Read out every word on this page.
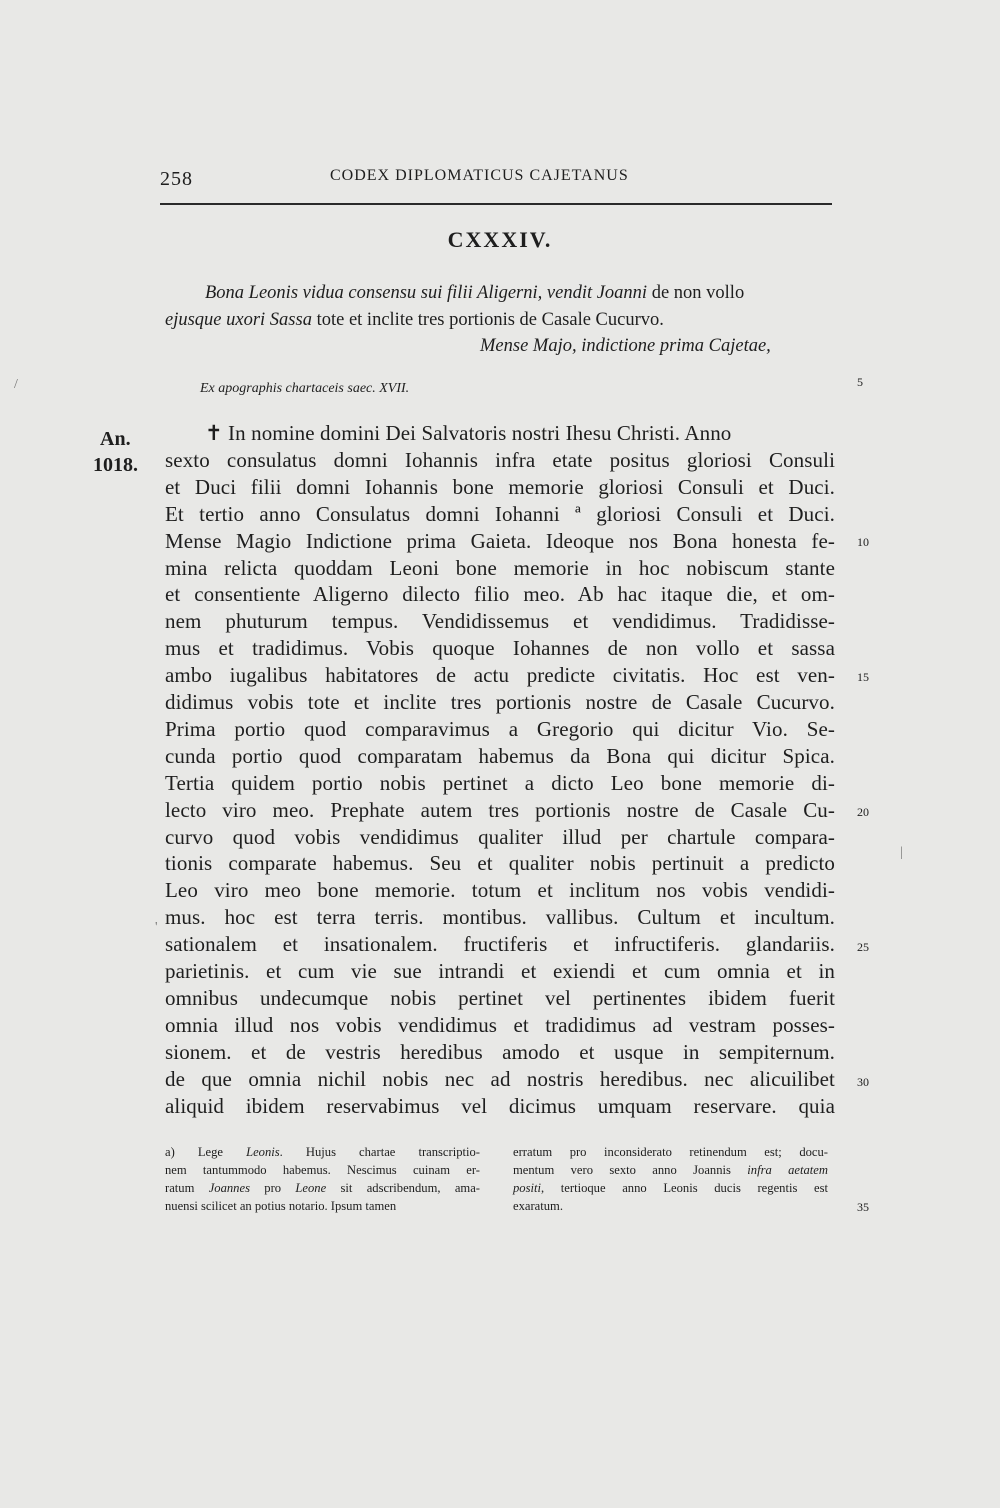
258	CODEX DIPLOMATICUS CAJETANUS
CXXXIV.
Bona Leonis vidua consensu sui filii Aligerni, vendit Joanni de non vollo
ejusque uxori Sassa tote et inclite tres portionis de Casale Cucurvo.
Mense Majo, indictione prima Cajetae,
Ex apographis chartaceis saec. XVII.
An.
1018.
✝ In nomine domini Dei Salvatoris nostri Ihesu Christi. Anno
sexto consulatus domni Iohannis infra etate positus gloriosi Consuli
et Duci filii domni Iohannis bone memorie gloriosi Consuli et Duci.
Et tertio anno Consulatus domni Iohanni ª gloriosi Consuli et Duci.
Mense Magio Indictione prima Gaieta. Ideoque nos Bona honesta fe-
mina relicta quoddam Leoni bone memorie in hoc nobiscum stante
et consentiente Aligerno dilecto filio meo. Ab hac itaque die, et om-
nem phuturum tempus. Vendidissemus et vendidimus. Tradidisse-
mus et tradidimus. Vobis quoque Iohannes de non vollo et sassa
ambo iugalibus habitatores de actu predicte civitatis. Hoc est ven-
didimus vobis tote et inclite tres portionis nostre de Casale Cucurvo.
Prima portio quod comparavimus a Gregorio qui dicitur Vio. Se-
cunda portio quod comparatam habemus da Bona qui dicitur Spica.
Tertia quidem portio nobis pertinet a dicto Leo bone memorie di-
lecto viro meo. Prephate autem tres portionis nostre de Casale Cu-
curvo quod vobis vendidimus qualiter illud per chartule compara-
tionis comparate habemus. Seu et qualiter nobis pertinuit a predicto
Leo viro meo bone memorie. totum et inclitum nos vobis vendidi-
mus. hoc est terra terris. montibus. vallibus. Cultum et incultum.
sationalem et insationalem. fructiferis et infructiferis. glandariis.
parietinis. et cum vie sue intrandi et exiendi et cum omnia et in
omnibus undecumque nobis pertinet vel pertinentes ibidem fuerit
omnia illud nos vobis vendidimus et tradidimus ad vestram posses-
sionem. et de vestris heredibus amodo et usque in sempiternum.
de que omnia nichil nobis nec ad nostris heredibus. nec alicuilibet
aliquid ibidem reservabimus vel dicimus umquam reservare. quia
5
10
15
20
25
30
35
a) Lege Leonis. Hujus chartae transcriptio-
nem tantummodo habemus. Nescimus cuinam er-
ratum Joannes pro Leone sit adscribendum, ama-
nuensi scilicet an potius notario. Ipsum tamen
erratum pro inconsiderato retinendum est; docu-
mentum vero sexto anno Joannis infra aetatem
positi, tertioque anno Leonis ducis regentis est
exaratum.
/
'
|
